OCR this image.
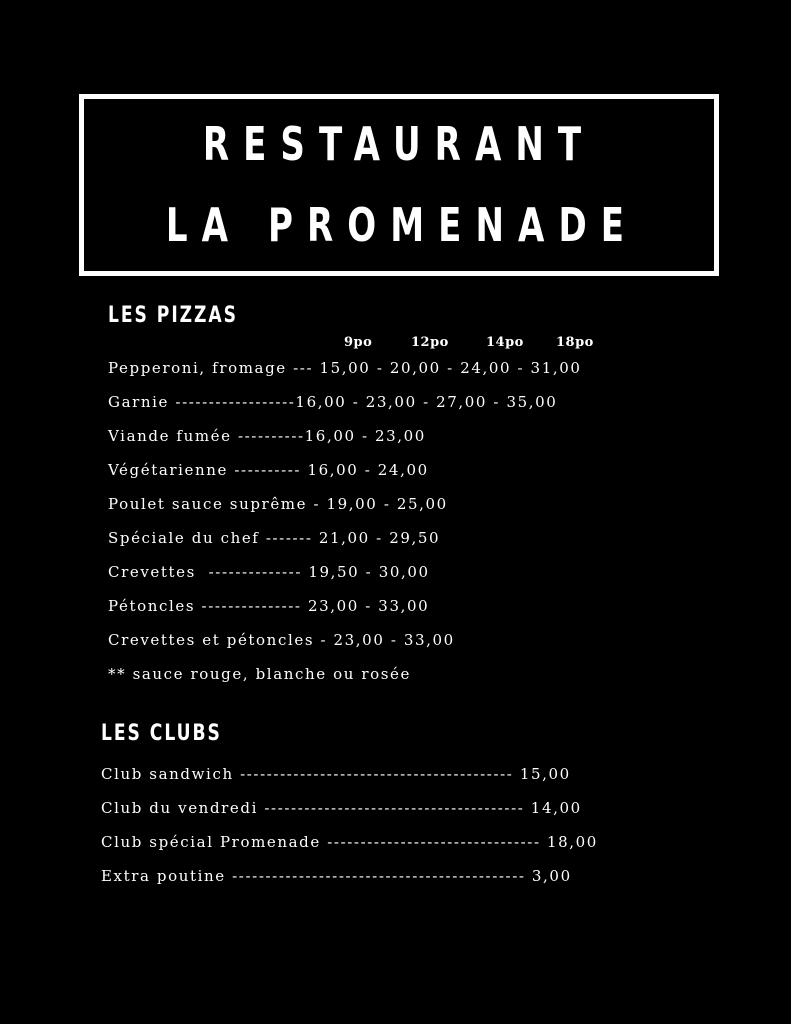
RESTAURANT
LA PROMENADE
LES PIZZAS
9po	12po	14po 18po
Pepperoni, fromage --- 15,00 - 20,00 - 24,00 - 31,00
Garnie ------------------16,00 - 23,00 - 27,00 - 35,00
Viande fumée ----------16,00 - 23,00
Végétarienne ---------- 16,00 - 24,00
Poulet sauce suprême - 19,00 - 25,00
Spéciale du chef ------- 21,00 - 29,50
Crevettes  -------------- 19,50 - 30,00
Pétoncles --------------- 23,00 - 33,00
Crevettes et pétoncles - 23,00 - 33,00
** sauce rouge, blanche ou rosée
LES CLUBS
Club sandwich ----------------------------------------- 15,00
Club du vendredi --------------------------------------- 14,00
Club spécial Promenade -------------------------------- 18,00
Extra poutine -------------------------------------------- 3,00
